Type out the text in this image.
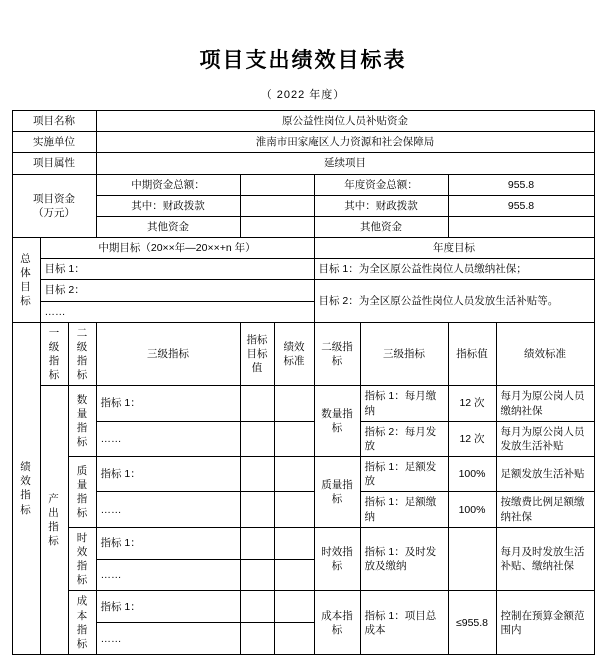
项目支出绩效目标表
（ 2022 年度）
项目名称			原公益性岗位人员补贴资金						
实施单位			淮南市田家庵区人力资源和社会保障局						
项目属性			延续项目						

项目资金
（万元）			中期资金总额：			年度资金总额：		955.8	
			其中：财政拨款			其中：财政拨款		955.8	
			其他资金			其他资金			

总
体
目
标	中期目标（20××年—20××+n 年）					年度目标			
	目标 1：					目标 1：为全区原公益性岗位人员缴纳社保；			
	目标 2：					目标 2：为全区原公益性岗位人员发放生活补贴等。			
	……								

绩
效
指
标	一级指标	二级指标	三级指标	指标目标值	绩效标准	二级指标	三级指标	指标值	绩效标准

	产
出
指
标	数量指标	指标 1：			数量指标	指标 1：每月缴纳	12 次	每月为原公岗人员缴纳社保
			……				指标 2：每月发放	12 次	每月为原公岗人员发放生活补贴
		质量指标	指标 1：			质量指标	指标 1：足额发放	100%	足额发放生活补贴
			……				指标 1：足额缴纳	100%	按缴费比例足额缴纳社保
		时效指标	指标 1：			时效指标	指标 1：及时发放及缴纳		每月及时发放生活补贴、缴纳社保
			……						
		成本指标	指标 1：			成本指标	指标 1：项目总成本	≤955.8	控制在预算金额范围内
			……						
